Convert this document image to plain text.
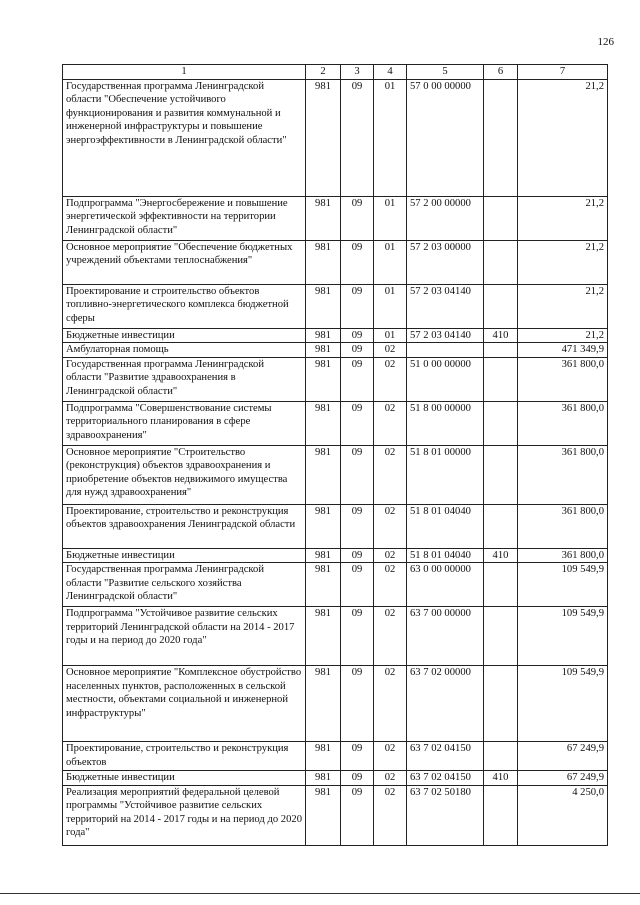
126
1	2	3	4	5	6	7
Государственная программа Ленинградской области "Обеспечение устойчивого функционирования и развития коммунальной и инженерной инфраструктуры и повышение энергоэффективности в Ленинградской области"	981	09	01	57 0 00 00000		21,2
Подпрограмма "Энергосбережение и повышение энергетической эффективности на территории Ленинградской области"	981	09	01	57 2 00 00000		21,2
Основное мероприятие "Обеспечение бюджетных учреждений объектами теплоснабжения"	981	09	01	57 2 03 00000		21,2
Проектирование и строительство объектов топливно-энергетического комплекса бюджетной сферы	981	09	01	57 2 03 04140		21,2
Бюджетные инвестиции	981	09	01	57 2 03 04140	410	21,2
Амбулаторная помощь	981	09	02			471 349,9
Государственная программа Ленинградской области "Развитие здравоохранения в Ленинградской области"	981	09	02	51 0 00 00000		361 800,0
Подпрограмма "Совершенствование системы территориального планирования в сфере здравоохранения"	981	09	02	51 8 00 00000		361 800,0
Основное мероприятие "Строительство (реконструкция) объектов здравоохранения и приобретение объектов недвижимого имущества для нужд здравоохранения"	981	09	02	51 8 01 00000		361 800,0
Проектирование, строительство и реконструкция объектов здравоохранения Ленинградской области	981	09	02	51 8 01 04040		361 800,0
Бюджетные инвестиции	981	09	02	51 8 01 04040	410	361 800,0
Государственная программа Ленинградской области "Развитие сельского хозяйства Ленинградской области"	981	09	02	63 0 00 00000		109 549,9
Подпрограмма "Устойчивое развитие сельских территорий Ленинградской области на 2014 - 2017 годы и на период до 2020 года"	981	09	02	63 7 00 00000		109 549,9
Основное мероприятие "Комплексное обустройство населенных пунктов, расположенных в сельской местности, объектами социальной и инженерной инфраструктуры"	981	09	02	63 7 02 00000		109 549,9
Проектирование, строительство и реконструкция объектов	981	09	02	63 7 02 04150		67 249,9
Бюджетные инвестиции	981	09	02	63 7 02 04150	410	67 249,9
Реализация мероприятий федеральной целевой программы "Устойчивое развитие сельских территорий на 2014 - 2017 годы и на период до 2020 года"	981	09	02	63 7 02 50180		4 250,0
